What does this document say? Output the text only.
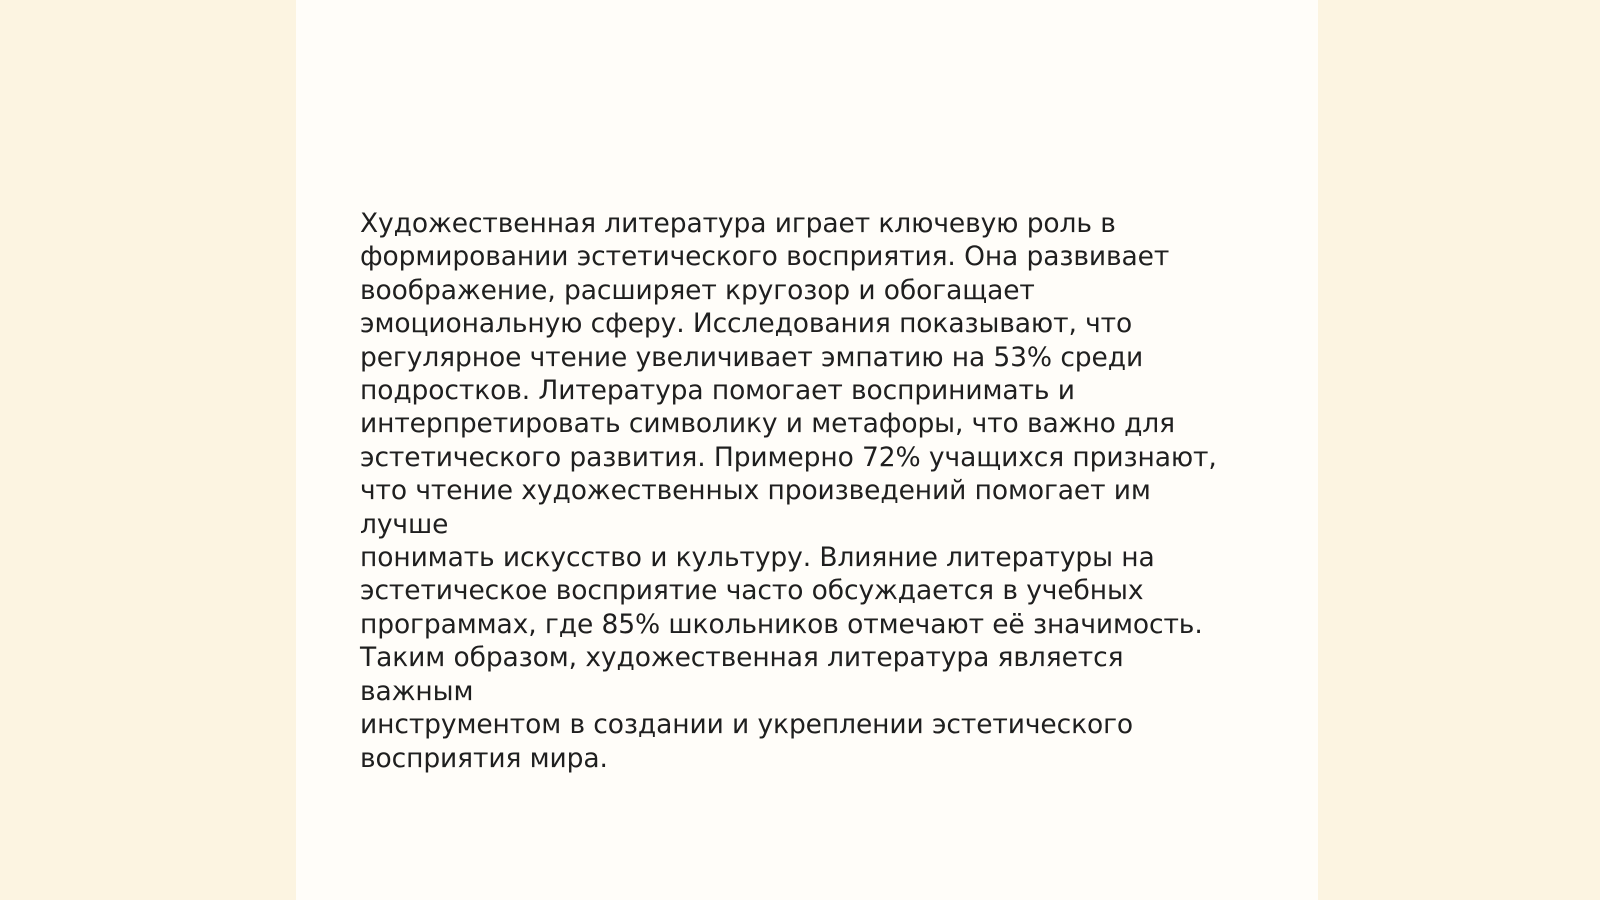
Художественная литература играет ключевую роль в
формировании эстетического восприятия. Она развивает
воображение, расширяет кругозор и обогащает
эмоциональную сферу. Исследования показывают, что
регулярное чтение увеличивает эмпатию на 53% среди
подростков. Литература помогает воспринимать и
интерпретировать символику и метафоры, что важно для
эстетического развития. Примерно 72% учащихся признают,
что чтение художественных произведений помогает им лучше
понимать искусство и культуру. Влияние литературы на
эстетическое восприятие часто обсуждается в учебных
программах, где 85% школьников отмечают её значимость.
Таким образом, художественная литература является важным
инструментом в создании и укреплении эстетического
восприятия мира.
